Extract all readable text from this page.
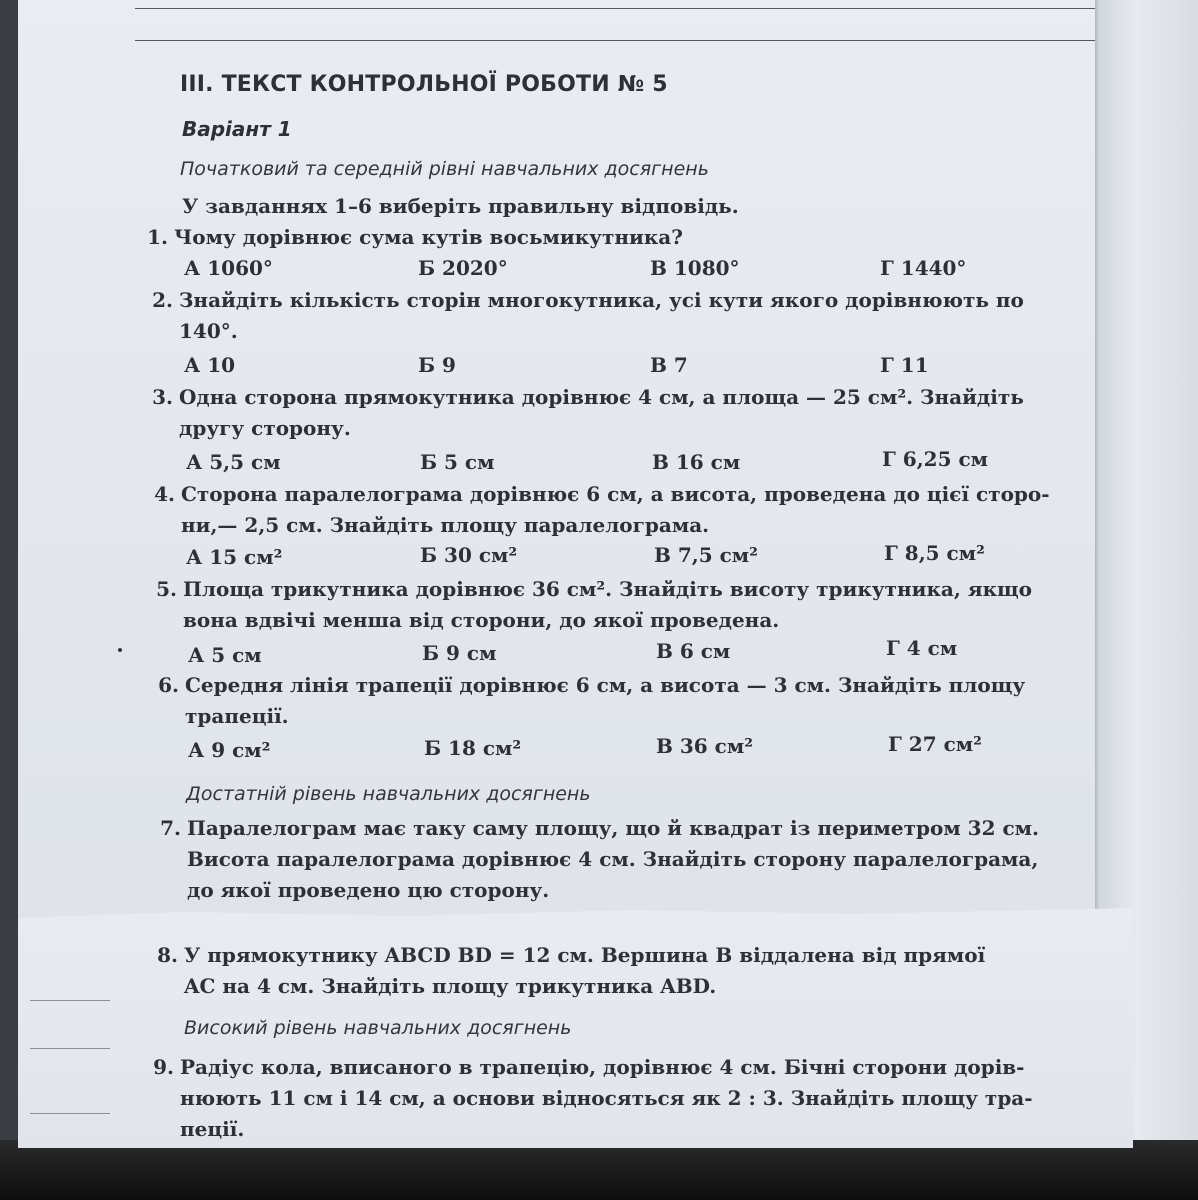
III. ТЕКСТ КОНТРОЛЬНОЇ РОБОТИ № 5
Варіант 1
Початковий та середній рівні навчальних досягнень
У завданнях 1–6 виберіть правильну відповідь.
1. Чому дорівнює сума кутів восьмикутника?
А 1060°	Б 2020°	В 1080°	Г 1440°
2. Знайдіть кількість сторін многокутника, усі кути якого дорівнюють по
140°.
А 10	Б 9	В 7	Г 11
3. Одна сторона прямокутника дорівнює 4 см, а площа — 25 см². Знайдіть
другу сторону.
А 5,5 см	Б 5 см	В 16 см	Г 6,25 см
4. Сторона паралелограма дорівнює 6 см, а висота, проведена до цієї сторо-
ни,— 2,5 см. Знайдіть площу паралелограма.
А 15 см²	Б 30 см²	В 7,5 см²	Г 8,5 см²
5. Площа трикутника дорівнює 36 см². Знайдіть висоту трикутника, якщо
вона вдвічі менша від сторони, до якої проведена.
А 5 см	Б 9 см	В 6 см	Г 4 см
6. Середня лінія трапеції дорівнює 6 см, а висота — 3 см. Знайдіть площу
трапеції.
А 9 см²	Б 18 см²	В 36 см²	Г 27 см²
Достатній рівень навчальних досягнень
7. Паралелограм має таку саму площу, що й квадрат із периметром 32 см.
Висота паралелограма дорівнює 4 см. Знайдіть сторону паралелограма,
до якої проведено цю сторону.
8. У прямокутнику ABCD BD = 12 см. Вершина B віддалена від прямої
AC на 4 см. Знайдіть площу трикутника ABD.
Високий рівень навчальних досягнень
9. Радіус кола, вписаного в трапецію, дорівнює 4 см. Бічні сторони дорів-
нюють 11 см і 14 см, а основи відносяться як 2 : 3. Знайдіть площу тра-
пеції.
